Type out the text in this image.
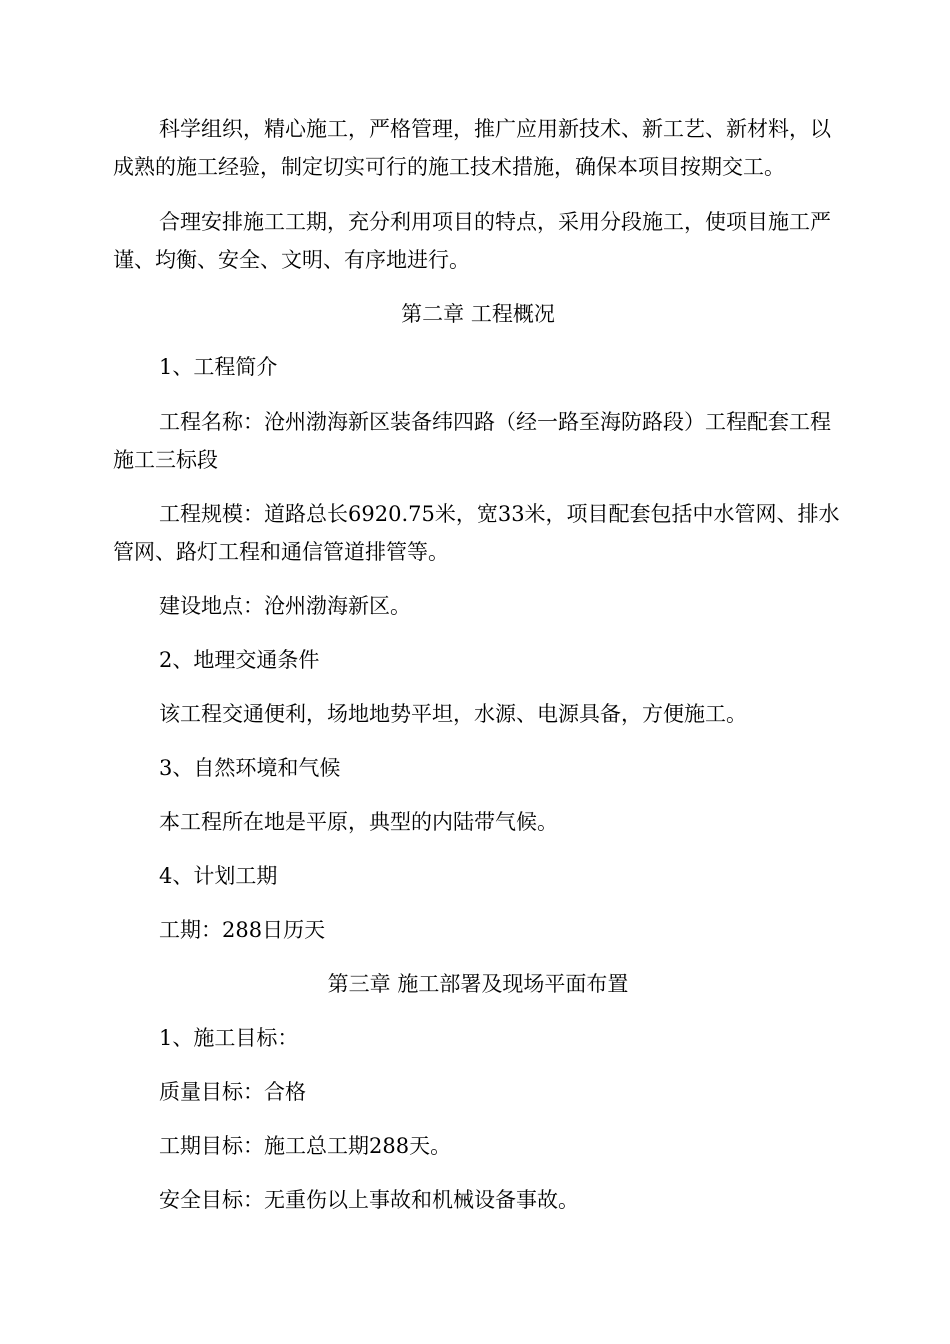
科学组织，精心施工，严格管理，推广应用新技术、新工艺、新材料，以成熟的施工经验，制定切实可行的施工技术措施，确保本项目按期交工。

合理安排施工工期，充分利用项目的特点，采用分段施工，使项目施工严谨、均衡、安全、文明、有序地进行。

第二章 工程概况

1、工程简介

工程名称：沧州渤海新区装备纬四路（经一路至海防路段）工程配套工程施工三标段

工程规模：道路总长6920.75米，宽33米，项目配套包括中水管网、排水管网、路灯工程和通信管道排管等。

建设地点：沧州渤海新区。

2、地理交通条件

该工程交通便利，场地地势平坦，水源、电源具备，方便施工。

3、自然环境和气候

本工程所在地是平原，典型的内陆带气候。

4、计划工期

工期：288日历天

第三章 施工部署及现场平面布置

1、施工目标：

质量目标：合格

工期目标：施工总工期288天。

安全目标：无重伤以上事故和机械设备事故。
